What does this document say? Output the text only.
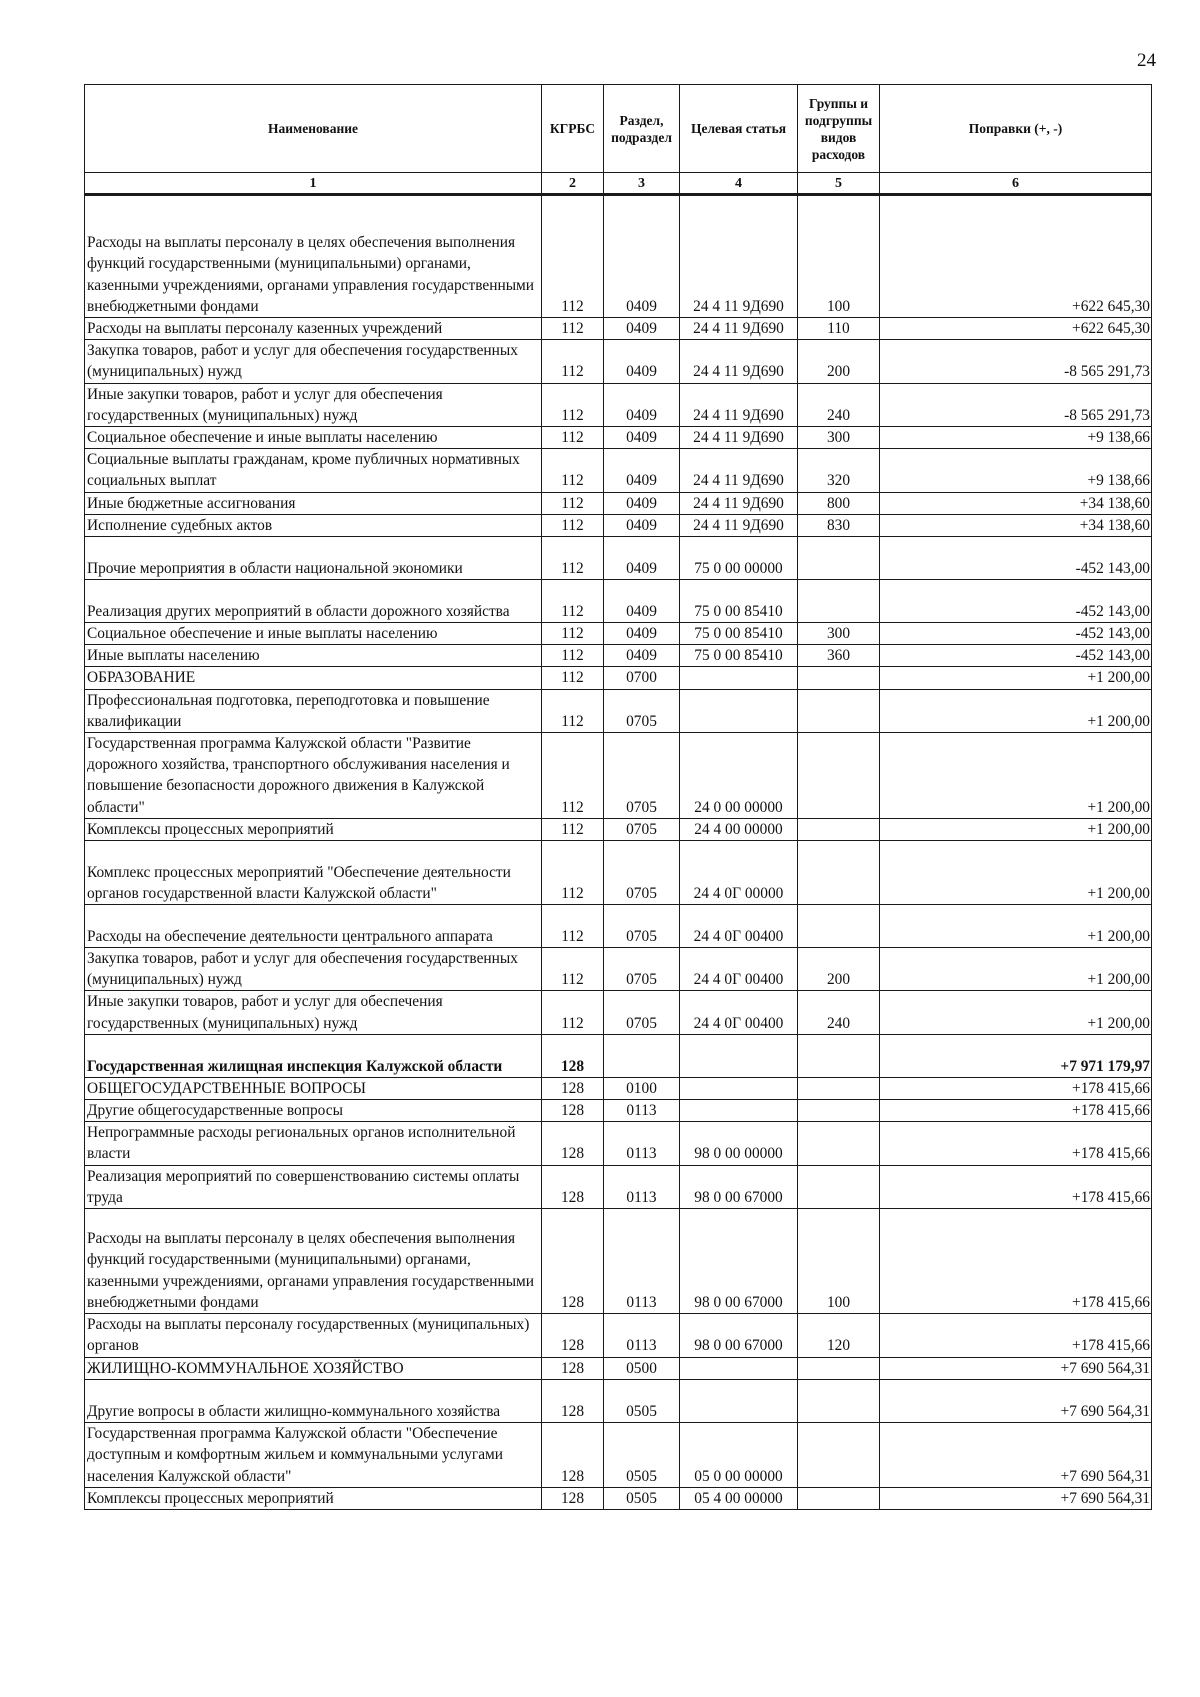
24
Наименование	КГРБС	Раздел, подраздел	Целевая статья	Группы и подгруппы видов расходов	Поправки (+, -)
1	2	3	4	5	6
Расходы на выплаты персоналу в целях обеспечения выполнения функций государственными (муниципальными) органами, казенными учреждениями, органами управления государственными внебюджетными фондами	112	0409	24 4 11 9Д690	100	+622 645,30
Расходы на выплаты персоналу казенных учреждений	112	0409	24 4 11 9Д690	110	+622 645,30
Закупка товаров, работ и услуг для обеспечения государственных (муниципальных) нужд	112	0409	24 4 11 9Д690	200	-8 565 291,73
Иные закупки товаров, работ и услуг для обеспечения государственных (муниципальных) нужд	112	0409	24 4 11 9Д690	240	-8 565 291,73
Социальное обеспечение и иные выплаты населению	112	0409	24 4 11 9Д690	300	+9 138,66
Социальные выплаты гражданам, кроме публичных нормативных социальных выплат	112	0409	24 4 11 9Д690	320	+9 138,66
Иные бюджетные ассигнования	112	0409	24 4 11 9Д690	800	+34 138,60
Исполнение судебных актов	112	0409	24 4 11 9Д690	830	+34 138,60
Прочие мероприятия в области национальной экономики	112	0409	75 0 00 00000		-452 143,00
Реализация других мероприятий в области дорожного хозяйства	112	0409	75 0 00 85410		-452 143,00
Социальное обеспечение и иные выплаты населению	112	0409	75 0 00 85410	300	-452 143,00
Иные выплаты населению	112	0409	75 0 00 85410	360	-452 143,00
ОБРАЗОВАНИЕ	112	0700			+1 200,00
Профессиональная подготовка, переподготовка и повышение квалификации	112	0705			+1 200,00
Государственная программа Калужской области "Развитие дорожного хозяйства, транспортного обслуживания населения и повышение безопасности дорожного движения в Калужской области"	112	0705	24 0 00 00000		+1 200,00
Комплексы процессных мероприятий	112	0705	24 4 00 00000		+1 200,00
Комплекс процессных мероприятий "Обеспечение деятельности органов государственной власти Калужской области"	112	0705	24 4 0Г 00000		+1 200,00
Расходы на обеспечение деятельности центрального аппарата	112	0705	24 4 0Г 00400		+1 200,00
Закупка товаров, работ и услуг для обеспечения государственных (муниципальных) нужд	112	0705	24 4 0Г 00400	200	+1 200,00
Иные закупки товаров, работ и услуг для обеспечения государственных (муниципальных) нужд	112	0705	24 4 0Г 00400	240	+1 200,00
Государственная жилищная инспекция Калужской области	128				+7 971 179,97
ОБЩЕГОСУДАРСТВЕННЫЕ ВОПРОСЫ	128	0100			+178 415,66
Другие общегосударственные вопросы	128	0113			+178 415,66
Непрограммные расходы региональных органов исполнительной власти	128	0113	98 0 00 00000		+178 415,66
Реализация мероприятий по совершенствованию системы оплаты труда	128	0113	98 0 00 67000		+178 415,66
Расходы на выплаты персоналу в целях обеспечения выполнения функций государственными (муниципальными) органами, казенными учреждениями, органами управления государственными внебюджетными фондами	128	0113	98 0 00 67000	100	+178 415,66
Расходы на выплаты персоналу государственных (муниципальных) органов	128	0113	98 0 00 67000	120	+178 415,66
ЖИЛИЩНО-КОММУНАЛЬНОЕ ХОЗЯЙСТВО	128	0500			+7 690 564,31
Другие вопросы в области жилищно-коммунального хозяйства	128	0505			+7 690 564,31
Государственная программа Калужской области "Обеспечение доступным и комфортным жильем и коммунальными услугами населения Калужской области"	128	0505	05 0 00 00000		+7 690 564,31
Комплексы процессных мероприятий	128	0505	05 4 00 00000		+7 690 564,31
